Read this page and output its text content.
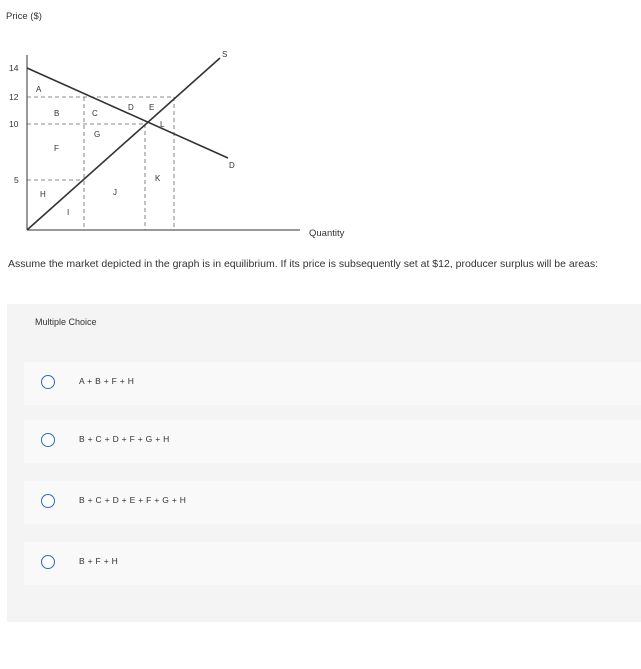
Price ($)
Quantity
14
12
10
5
S
D
A
B	C
D E
F
G
H
I
J
K
L
Assume the market depicted in the graph is in equilibrium. If its price is subsequently set at $12, producer surplus will be areas:
Multiple Choice
A + B + F + H
B + C + D + F + G + H
B + C + D + E + F + G + H
B + F + H
